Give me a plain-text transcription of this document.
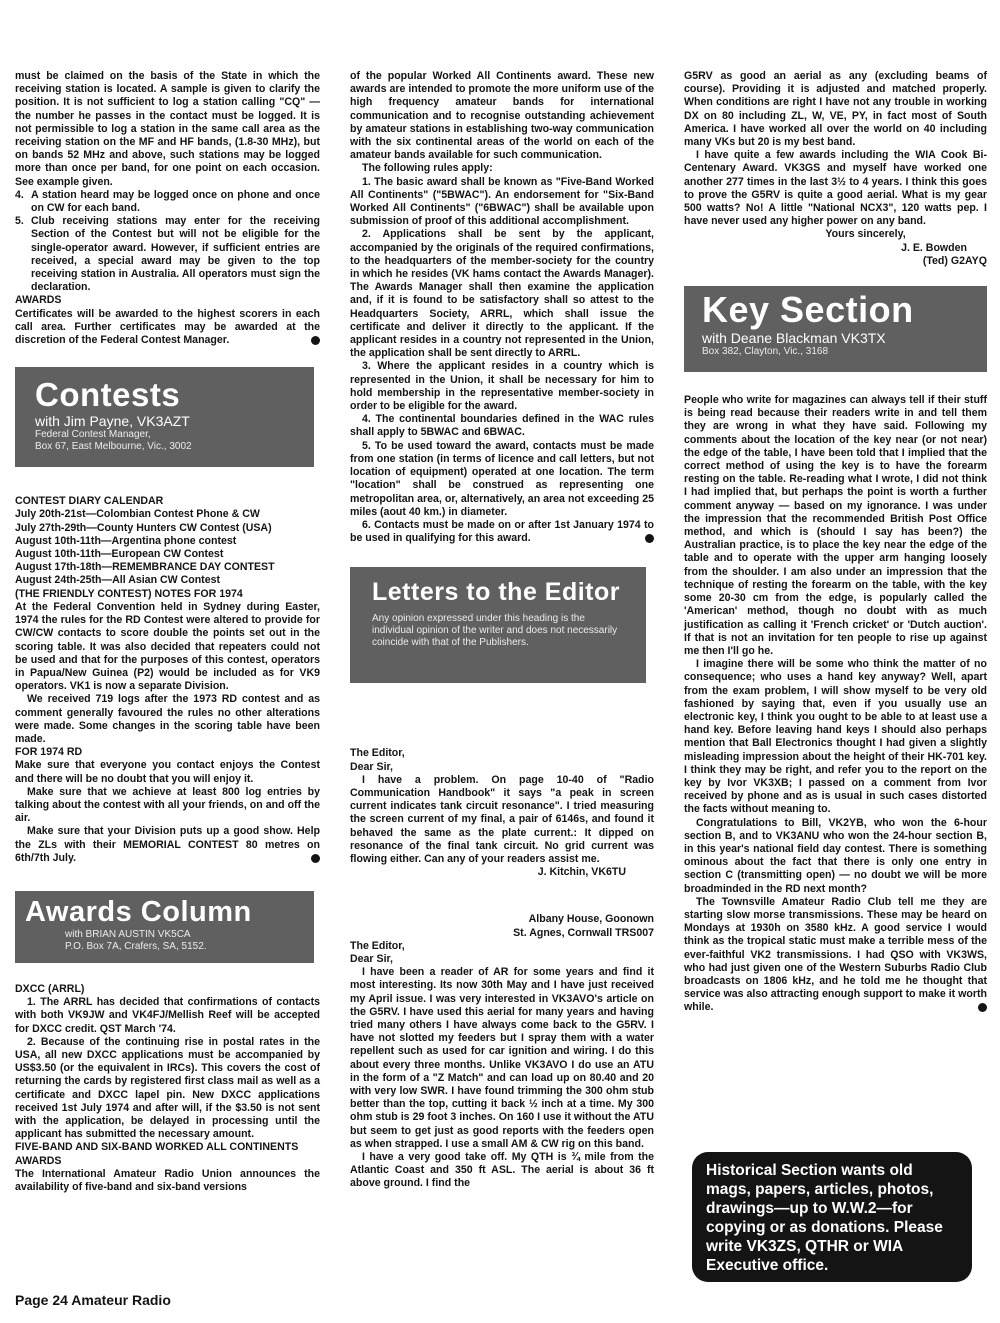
must be claimed on the basis of the State in which the receiving station is located. A sample is given to clarify the position. It is not sufficient to log a station calling "CQ" — the number he passes in the contact must be logged. It is not permissible to log a station in the same call area as the receiving station on the MF and HF bands, (1.8-30 MHz), but on bands 52 MHz and above, such stations may be logged more than once per band, for one point on each occasion. See example given.

4. A station heard may be logged once on phone and once on CW for each band.
5. Club receiving stations may enter for the receiving Section of the Contest but will not be eligible for the single-operator award. However, if sufficient entries are received, a special award may be given to the top receiving station in Australia. All operators must sign the declaration.

AWARDS

Certificates will be awarded to the highest scorers in each call area. Further certificates may be awarded at the discretion of the Federal Contest Manager.

Contests
with Jim Payne, VK3AZT
Federal Contest Manager,
Box 67, East Melbourne, Vic., 3002

CONTEST DIARY CALENDAR

July 20th-21st—Colombian Contest Phone & CW
July 27th-29th—County Hunters CW Contest (USA)
August 10th-11th—Argentina phone contest
August 10th-11th—European CW Contest
August 17th-18th—REMEMBRANCE DAY CONTEST
August 24th-25th—All Asian CW Contest

(THE FRIENDLY CONTEST) NOTES FOR 1974

At the Federal Convention held in Sydney during Easter, 1974 the rules for the RD Contest were altered to provide for CW/CW contacts to score double the points set out in the scoring table. It was also decided that repeaters could not be used and that for the purposes of this contest, operators in Papua/New Guinea (P2) would be included as for VK9 operators. VK1 is now a separate Division.

We received 719 logs after the 1973 RD contest and as comment generally favoured the rules no other alterations were made. Some changes in the scoring table have been made.

FOR 1974 RD

Make sure that everyone you contact enjoys the Contest and there will be no doubt that you will enjoy it.

Make sure that we achieve at least 800 log entries by talking about the contest with all your friends, on and off the air.

Make sure that your Division puts up a good show. Help the ZLs with their MEMORIAL CONTEST 80 metres on 6th/7th July.

Awards Column
with BRIAN AUSTIN VK5CA
P.O. Box 7A, Crafers, SA, 5152.

DXCC (ARRL)

1. The ARRL has decided that confirmations of contacts with both VK9JW and VK4FJ/Mellish Reef will be accepted for DXCC credit. QST March '74.

2. Because of the continuing rise in postal rates in the USA, all new DXCC applications must be accompanied by US$3.50 (or the equivalent in IRCs). This covers the cost of returning the cards by registered first class mail as well as a certificate and DXCC lapel pin. New DXCC applications received 1st July 1974 and after will, if the $3.50 is not sent with the application, be delayed in processing until the applicant has submitted the necessary amount.

FIVE-BAND AND SIX-BAND WORKED ALL CONTINENTS AWARDS

The International Amateur Radio Union announces the availability of five-band and six-band versions

of the popular Worked All Continents award. These new awards are intended to promote the more uniform use of the high frequency amateur bands for international communication and to recognise outstanding achievement by amateur stations in establishing two-way communication with the six continental areas of the world on each of the amateur bands available for such communication.

The following rules apply:

1. The basic award shall be known as "Five-Band Worked All Continents" ("5BWAC"). An endorsement for "Six-Band Worked All Continents" ("6BWAC") shall be available upon submission of proof of this additional accomplishment.

2. Applications shall be sent by the applicant, accompanied by the originals of the required confirmations, to the headquarters of the member-society for the country in which he resides (VK hams contact the Awards Manager). The Awards Manager shall then examine the application and, if it is found to be satisfactory shall so attest to the Headquarters Society, ARRL, which shall issue the certificate and deliver it directly to the applicant. If the applicant resides in a country not represented in the Union, the application shall be sent directly to ARRL.

3. Where the applicant resides in a country which is represented in the Union, it shall be necessary for him to hold membership in the representative member-society in order to be eligible for the award.

4. The continental boundaries defined in the WAC rules shall apply to 5BWAC and 6BWAC.

5. To be used toward the award, contacts must be made from one station (in terms of licence and call letters, but not location of equipment) operated at one location. The term "location" shall be construed as representing one metropolitan area, or, alternatively, an area not exceeding 25 miles (aout 40 km.) in diameter.

6. Contacts must be made on or after 1st January 1974 to be used in qualifying for this award.

Letters to the Editor
Any opinion expressed under this heading is the individual opinion of the writer and does not necessarily coincide with that of the Publishers.

The Editor,

Dear Sir,

I have a problem. On page 10-40 of "Radio Communication Handbook" it says "a peak in screen current indicates tank circuit resonance". I tried measuring the screen current of my final, a pair of 6146s, and found it behaved the same as the plate current.: It dipped on resonance of the final tank circuit. No grid current was flowing either. Can any of your readers assist me.

J. Kitchin, VK6TU

Albany House, Goonown

St. Agnes, Cornwall TRS007

The Editor,

Dear Sir,

I have been a reader of AR for some years and find it most interesting. Its now 30th May and I have just received my April issue. I was very interested in VK3AVO's article on the G5RV. I have used this aerial for many years and having tried many others I have always come back to the G5RV. I have not slotted my feeders but I spray them with a water repellent such as used for car ignition and wiring. I do this about every three months. Unlike VK3AVO I do use an ATU in the form of a "Z Match" and can load up on 80.40 and 20 with very low SWR. I have found trimming the 300 ohm stub better than the top, cutting it back ½ inch at a time. My 300 ohm stub is 29 foot 3 inches. On 160 I use it without the ATU but seem to get just as good reports with the feeders open as when strapped. I use a small AM & CW rig on this band.

I have a very good take off. My QTH is ¾ mile from the Atlantic Coast and 350 ft ASL. The aerial is about 36 ft above ground. I find the

G5RV as good an aerial as any (excluding beams of course). Providing it is adjusted and matched properly. When conditions are right I have not any trouble in working DX on 80 including ZL, W, VE, PY, in fact most of South America. I have worked all over the world on 40 including many VKs but 20 is my best band.

I have quite a few awards including the WIA Cook Bi-Centenary Award. VK3GS and myself have worked one another 277 times in the last 3½ to 4 years. I think this goes to prove the G5RV is quite a good aerial. What is my gear 500 watts? No! A little "National NCX3", 120 watts pep. I have never used any higher power on any band.

Yours sincerely,

J. E. Bowden

(Ted) G2AYQ

Key Section
with Deane Blackman VK3TX
Box 382, Clayton, Vic., 3168

People who write for magazines can always tell if their stuff is being read because their readers write in and tell them they are wrong in what they have said. Following my comments about the location of the key near (or not near) the edge of the table, I have been told that I implied that the correct method of using the key is to have the forearm resting on the table. Re-reading what I wrote, I did not think I had implied that, but perhaps the point is worth a further comment anyway — based on my ignorance. I was under the impression that the recommended British Post Office method, and which is (should I say has been?) the Australian practice, is to place the key near the edge of the table and to operate with the upper arm hanging loosely from the shoulder. I am also under an impression that the technique of resting the forearm on the table, with the key some 20-30 cm from the edge, is popularly called the 'American' method, though no doubt with as much justification as calling it 'French cricket' or 'Dutch auction'. If that is not an invitation for ten people to rise up against me then I'll go he.

I imagine there will be some who think the matter of no consequence; who uses a hand key anyway? Well, apart from the exam problem, I will show myself to be very old fashioned by saying that, even if you usually use an electronic key, I think you ought to be able to at least use a hand key. Before leaving hand keys I should also perhaps mention that Ball Electronics thought I had given a slightly misleading impression about the height of their HK-701 key. I think they may be right, and refer you to the report on the key by Ivor VK3XB; I passed on a comment from Ivor received by phone and as is usual in such cases distorted the facts without meaning to.

Congratulations to Bill, VK2YB, who won the 6-hour section B, and to VK3ANU who won the 24-hour section B, in this year's national field day contest. There is something ominous about the fact that there is only one entry in section C (transmitting open) — no doubt we will be more broadminded in the RD next month?

The Townsville Amateur Radio Club tell me they are starting slow morse transmissions. These may be heard on Mondays at 1930h on 3580 kHz. A good service I would think as the tropical static must make a terrible mess of the ever-faithful VK2 transmissions. I had QSO with VK3WS, who had just given one of the Western Suburbs Radio Club broadcasts on 1806 kHz, and he told me he thought that service was also attracting enough support to make it worth while.

Historical Section wants old mags, papers, articles, photos, drawings—up to W.W.2—for copying or as donations. Please write VK3ZS, QTHR or WIA Executive office.
Page 24 Amateur Radio
